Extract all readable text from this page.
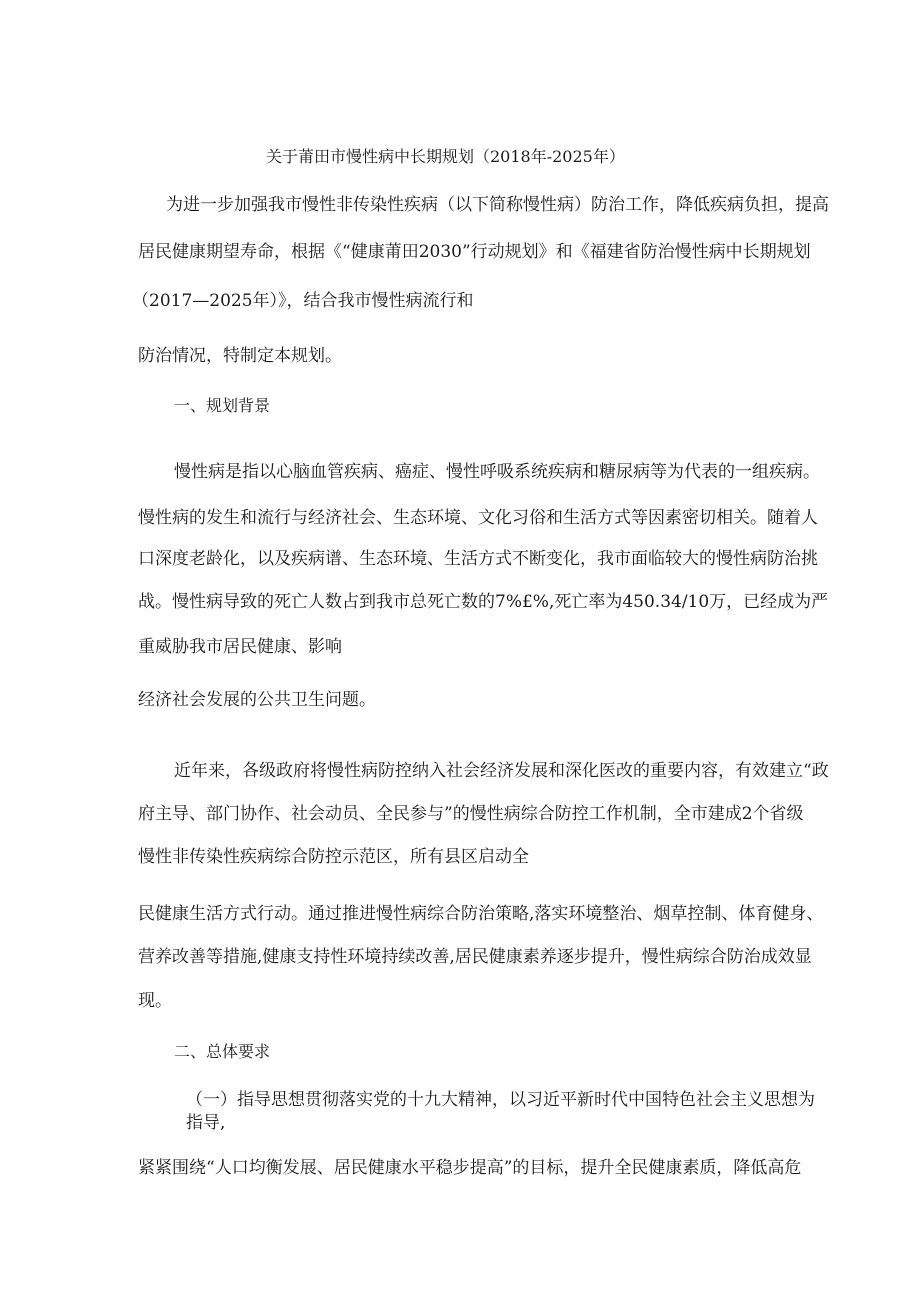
关于莆田市慢性病中长期规划（2018年-2025年）
为进一步加强我市慢性非传染性疾病（以下简称慢性病）防治工作，降低疾病负担，提高
居民健康期望寿命，根据《“健康莆田2030”行动规划》和《福建省防治慢性病中长期规划
（2017—2025年）》，结合我市慢性病流行和
防治情况，特制定本规划。
一、规划背景
慢性病是指以心脑血管疾病、癌症、慢性呼吸系统疾病和糖尿病等为代表的一组疾病。
慢性病的发生和流行与经济社会、生态环境、文化习俗和生活方式等因素密切相关。随着人
口深度老龄化，以及疾病谱、生态环境、生活方式不断变化，我市面临较大的慢性病防治挑
战。慢性病导致的死亡人数占到我市总死亡数的7%£%,死亡率为450.34/10万，已经成为严
重威胁我市居民健康、影响
经济社会发展的公共卫生问题。
近年来，各级政府将慢性病防控纳入社会经济发展和深化医改的重要内容，有效建立“政
府主导、部门协作、社会动员、全民参与”的慢性病综合防控工作机制，全市建成2个省级
慢性非传染性疾病综合防控示范区，所有县区启动全
民健康生活方式行动。通过推进慢性病综合防治策略,落实环境整治、烟草控制、体育健身、
营养改善等措施,健康支持性环境持续改善,居民健康素养逐步提升，慢性病综合防治成效显
现。
二、总体要求
（一）指导思想贯彻落实党的十九大精神，以习近平新时代中国特色社会主义思想为
指导,
紧紧围绕“人口均衡发展、居民健康水平稳步提高”的目标，提升全民健康素质，降低高危
